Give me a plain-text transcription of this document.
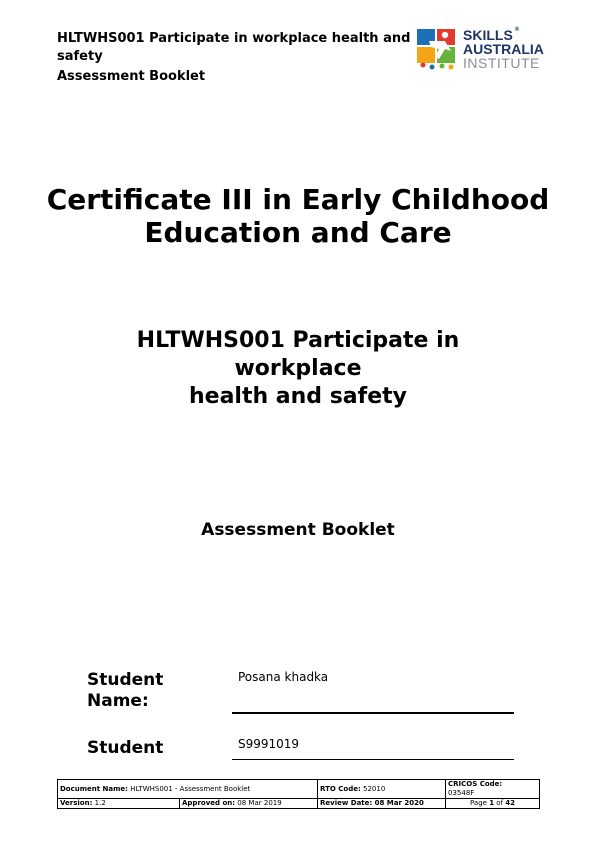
HLTWHS001 Participate in workplace health and safety
Assessment Booklet
SKILLS ®
AUSTRALIA
INSTITUTE
Certificate III in Early Childhood Education and Care
HLTWHS001 Participate in
workplace
health and safety
Assessment Booklet
Student Name:
Posana khadka
Student	S9991019
Document Name: HLTWHS001 - Assessment Booklet		RTO Code: 52010	CRICOS Code:
03548F
Version: 1.2	Approved on: 08 Mar 2019	Review Date: 08 Mar 2020	Page 1 of 42
